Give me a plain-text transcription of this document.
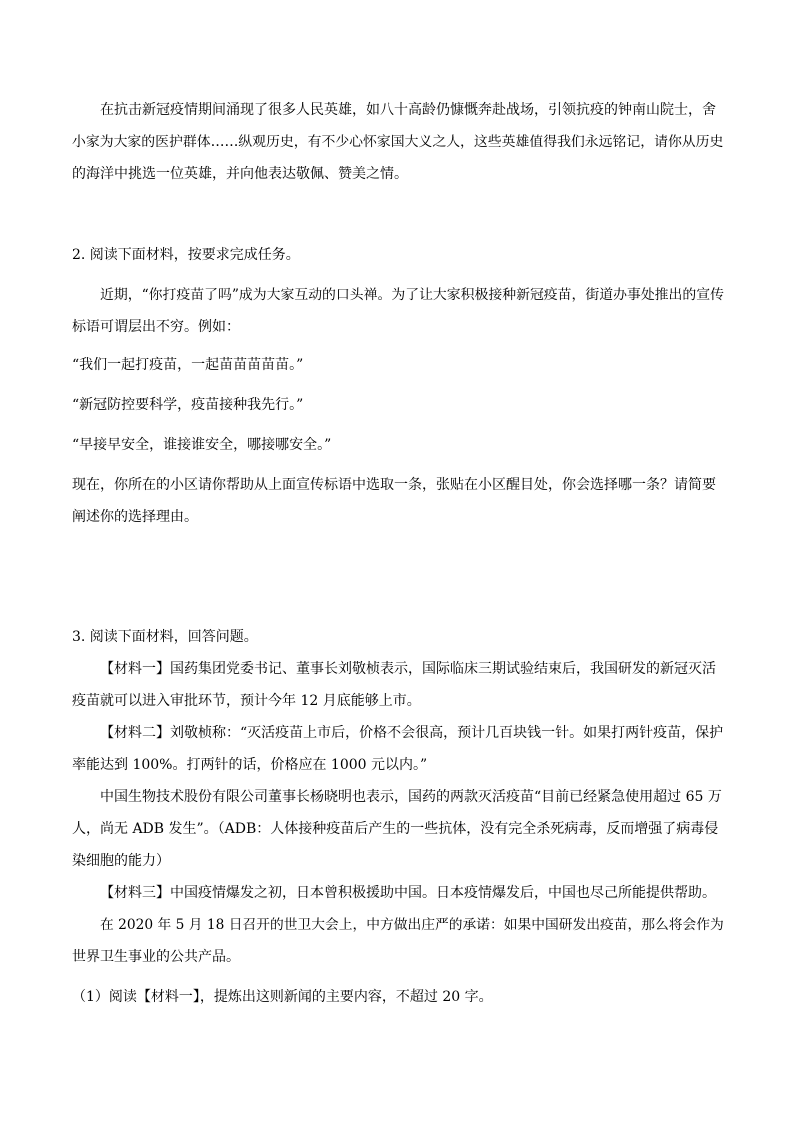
在抗击新冠疫情期间涌现了很多人民英雄，如八十高龄仍慷慨奔赴战场，引领抗疫的钟南山院士，舍

小家为大家的医护群体……纵观历史，有不少心怀家国大义之人，这些英雄值得我们永远铭记，请你从历史

的海洋中挑选一位英雄，并向他表达敬佩、赞美之情。

2. 阅读下面材料，按要求完成任务。

近期，“你打疫苗了吗”成为大家互动的口头禅。为了让大家积极接种新冠疫苗，街道办事处推出的宣传

标语可谓层出不穷。例如：

“我们一起打疫苗，一起苗苗苗苗苗。”

“新冠防控要科学，疫苗接种我先行。”

“早接早安全，谁接谁安全，哪接哪安全。”

现在，你所在的小区请你帮助从上面宣传标语中选取一条，张贴在小区醒目处，你会选择哪一条？请简要

阐述你的选择理由。

3. 阅读下面材料，回答问题。

【材料一】国药集团党委书记、董事长刘敬桢表示，国际临床三期试验结束后，我国研发的新冠灭活

疫苗就可以进入审批环节，预计今年 12 月底能够上市。

【材料二】刘敬桢称：“灭活疫苗上市后，价格不会很高，预计几百块钱一针。如果打两针疫苗，保护

率能达到 100%。打两针的话，价格应在 1000 元以内。”

中国生物技术股份有限公司董事长杨晓明也表示，国药的两款灭活疫苗“目前已经紧急使用超过 65 万

人，尚无 ADB 发生”。（ADB：人体接种疫苗后产生的一些抗体，没有完全杀死病毒，反而增强了病毒侵

染细胞的能力）

【材料三】中国疫情爆发之初，日本曾积极援助中国。日本疫情爆发后，中国也尽己所能提供帮助。

在 2020 年 5 月 18 日召开的世卫大会上，中方做出庄严的承诺：如果中国研发出疫苗，那么将会作为

世界卫生事业的公共产品。

（1）阅读【材料一】，提炼出这则新闻的主要内容，不超过 20 字。
